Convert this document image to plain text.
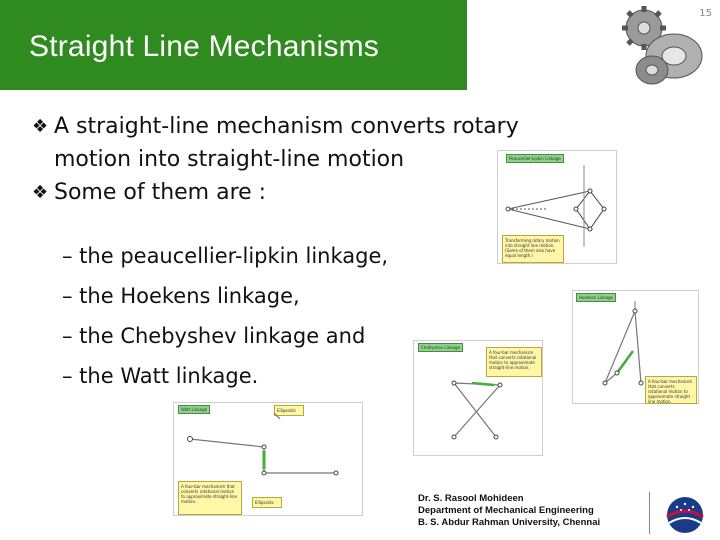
Straight Line Mechanisms
15
❖ A straight-line mechanism converts rotary
motion into straight-line motion
❖ Some of them are :
– the peaucellier-lipkin linkage,
– the Hoekens linkage,
– the Chebyshev linkage and
– the Watt linkage.
Peaucellier-Lipkin Linkage
Transforming rotary motion into straight line motion. (Some of them also have equal length.)
Hoekens Linkage
A four-bar mechanism that converts rotational motion to approximate straight line motion.
Chebyshev Linkage
A four-bar mechanism that converts rotational motion to approximate straight-line motion.
Watt Linkage	Ellipsoids
Ellipsoids
A four-bar mechanism that converts rotational motion to approximate straight-line motion.	Dr. S. Rasool Mohideen
Department of Mechanical Engineering
B. S. Abdur Rahman University, Chennai
